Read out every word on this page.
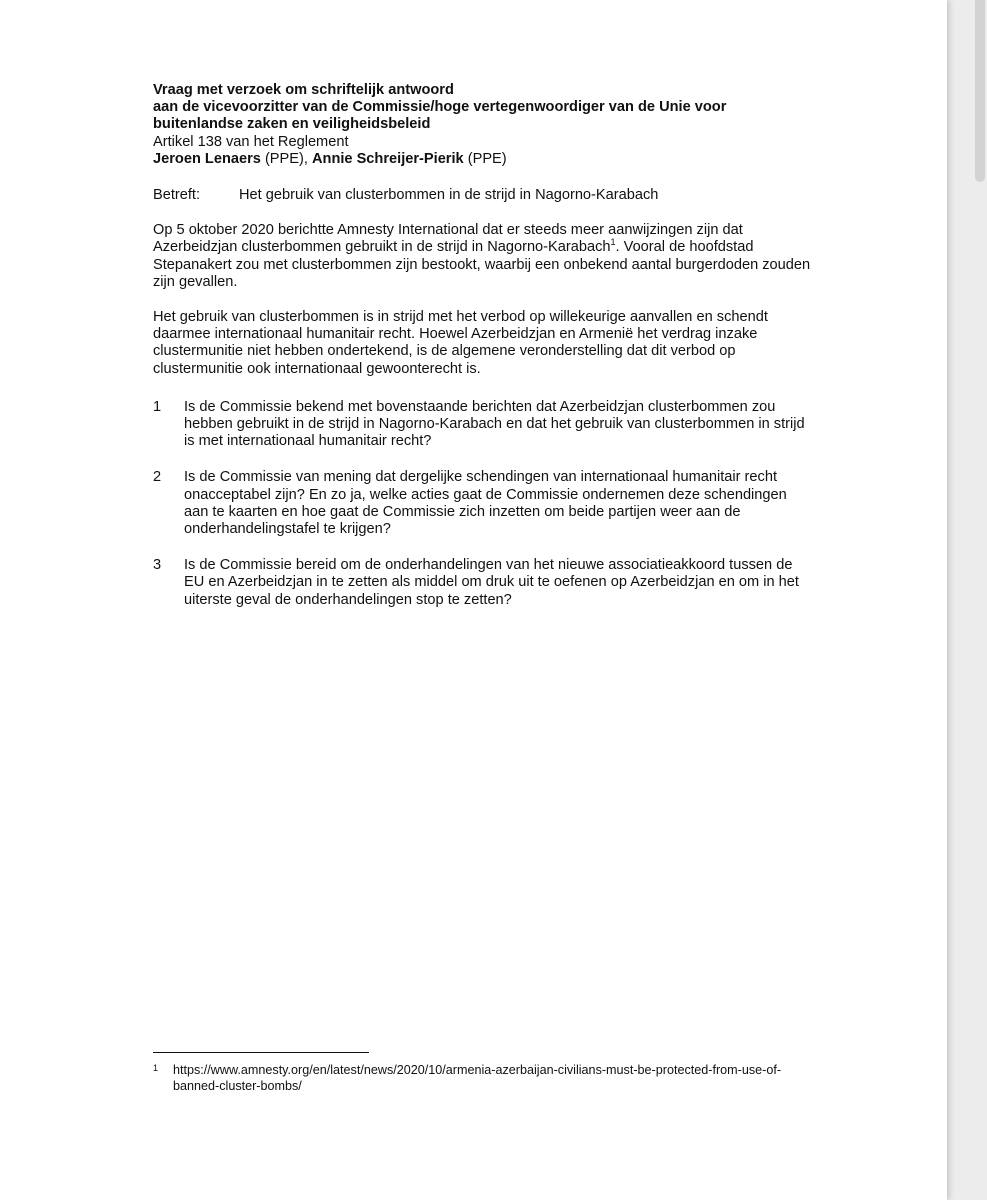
Vraag met verzoek om schriftelijk antwoord
aan de vicevoorzitter van de Commissie/hoge vertegenwoordiger van de Unie voor
buitenlandse zaken en veiligheidsbeleid
Artikel 138 van het Reglement
Jeroen Lenaers (PPE), Annie Schreijer-Pierik (PPE)
Betreft:	Het gebruik van clusterbommen in de strijd in Nagorno-Karabach
Op 5 oktober 2020 berichtte Amnesty International dat er steeds meer aanwijzingen zijn dat
Azerbeidzjan clusterbommen gebruikt in de strijd in Nagorno-Karabach$^1$. Vooral de hoofdstad
Stepanakert zou met clusterbommen zijn bestookt, waarbij een onbekend aantal burgerdoden zouden
zijn gevallen.
Het gebruik van clusterbommen is in strijd met het verbod op willekeurige aanvallen en schendt
daarmee internationaal humanitair recht. Hoewel Azerbeidzjan en Armenië het verdrag inzake
clustermunitie niet hebben ondertekend, is de algemene veronderstelling dat dit verbod op
clustermunitie ook internationaal gewoonterecht is.
1	Is de Commissie bekend met bovenstaande berichten dat Azerbeidzjan clusterbommen zou
hebben gebruikt in de strijd in Nagorno-Karabach en dat het gebruik van clusterbommen in strijd
is met internationaal humanitair recht?
2	Is de Commissie van mening dat dergelijke schendingen van internationaal humanitair recht
onacceptabel zijn? En zo ja, welke acties gaat de Commissie ondernemen deze schendingen
aan te kaarten en hoe gaat de Commissie zich inzetten om beide partijen weer aan de
onderhandelingstafel te krijgen?
3	Is de Commissie bereid om de onderhandelingen van het nieuwe associatieakkoord tussen de
EU en Azerbeidzjan in te zetten als middel om druk uit te oefenen op Azerbeidzjan en om in het
uiterste geval de onderhandelingen stop te zetten?
1	https://www.amnesty.org/en/latest/news/2020/10/armenia-azerbaijan-civilians-must-be-protected-from-use-of-
banned-cluster-bombs/
